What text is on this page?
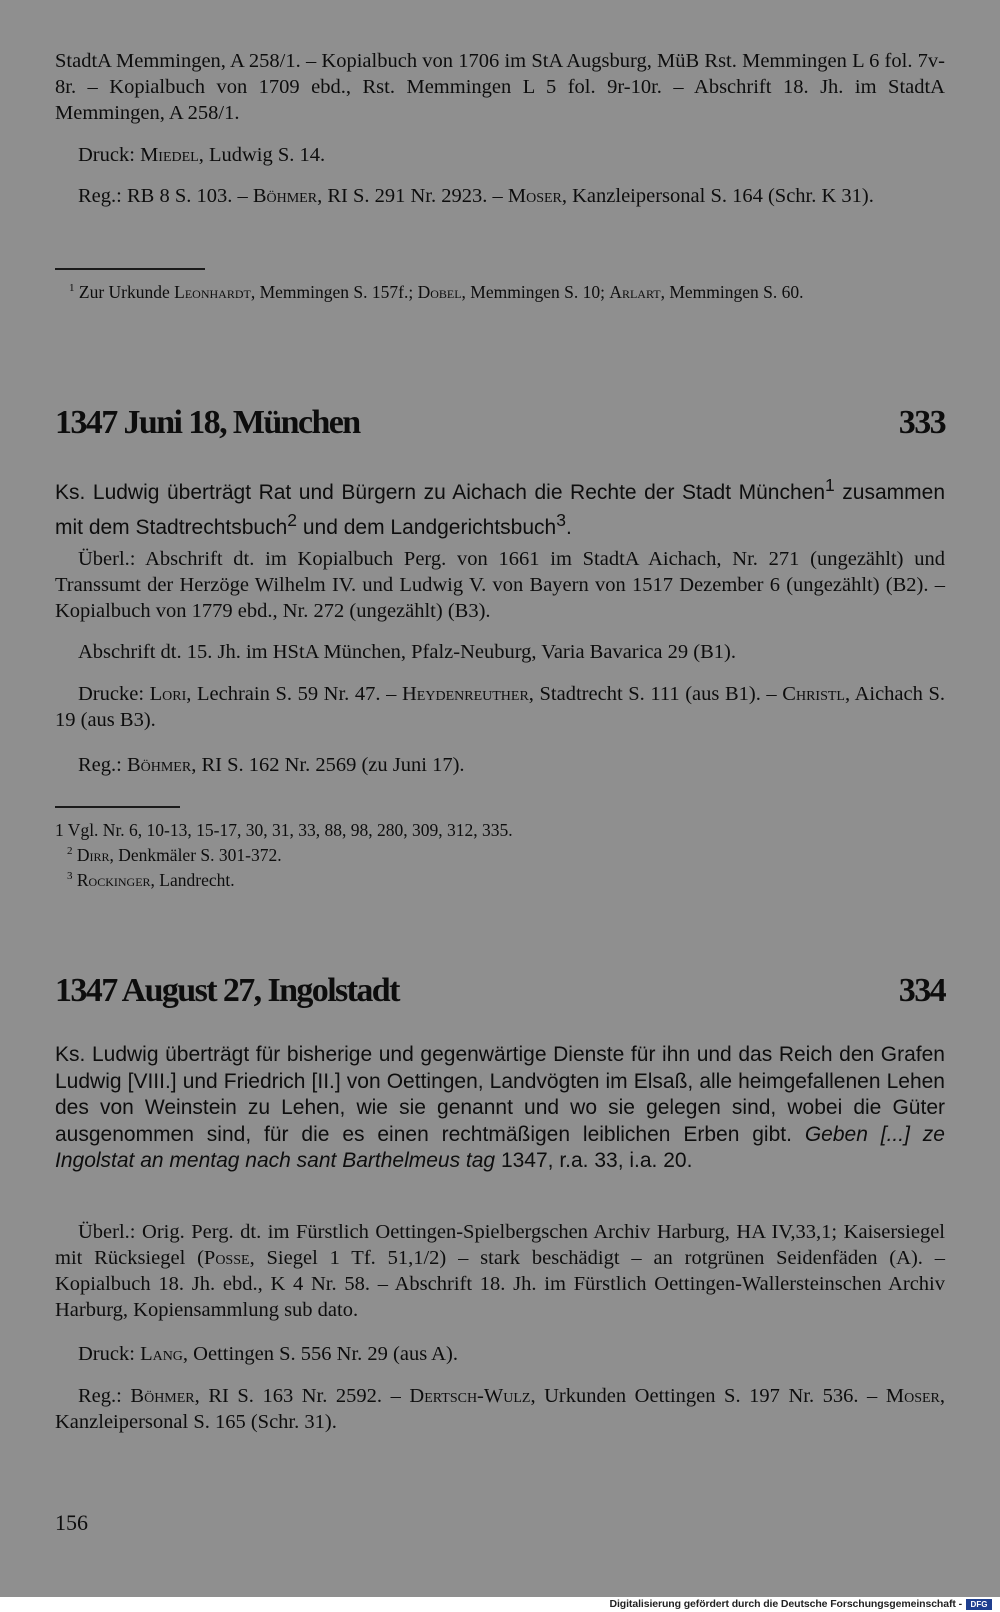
StadtA Memmingen, A 258/1. – Kopialbuch von 1706 im StA Augsburg, MüB Rst. Memmingen L 6 fol. 7v-8r. – Kopialbuch von 1709 ebd., Rst. Memmingen L 5 fol. 9r-10r. – Abschrift 18. Jh. im StadtA Memmingen, A 258/1.

Druck: Miedel, Ludwig S. 14.

Reg.: RB 8 S. 103. – Böhmer, RI S. 291 Nr. 2923. – Moser, Kanzleipersonal S. 164 (Schr. K 31).

$^1$ Zur Urkunde Leonhardt, Memmingen S. 157f.; Dobel, Memmingen S. 10; Arlart, Memmingen S. 60.

1347 Juni 18, München	333

Ks. Ludwig überträgt Rat und Bürgern zu Aichach die Rechte der Stadt München$^1$ zusammen mit dem Stadtrechtsbuch$^2$ und dem Landgerichtsbuch$^3$.

Überl.: Abschrift dt. im Kopialbuch Perg. von 1661 im StadtA Aichach, Nr. 271 (ungezählt) und Transsumt der Herzöge Wilhelm IV. und Ludwig V. von Bayern von 1517 Dezember 6 (ungezählt) (B2). – Kopialbuch von 1779 ebd., Nr. 272 (ungezählt) (B3).

Abschrift dt. 15. Jh. im HStA München, Pfalz-Neuburg, Varia Bavarica 29 (B1).

Drucke: Lori, Lechrain S. 59 Nr. 47. – Heydenreuther, Stadtrecht S. 111 (aus B1). – Christl, Aichach S. 19 (aus B3).

Reg.: Böhmer, RI S. 162 Nr. 2569 (zu Juni 17).

1 Vgl. Nr. 6, 10-13, 15-17, 30, 31, 33, 88, 98, 280, 309, 312, 335.

$^2$ Dirr, Denkmäler S. 301-372.

$^3$ Rockinger, Landrecht.

1347 August 27, Ingolstadt	334

Ks. Ludwig überträgt für bisherige und gegenwärtige Dienste für ihn und das Reich den Grafen Ludwig [VIII.] und Friedrich [II.] von Oettingen, Landvögten im Elsaß, alle heimgefallenen Lehen des von Weinstein zu Lehen, wie sie genannt und wo sie gelegen sind, wobei die Güter ausgenommen sind, für die es einen rechtmäßigen leiblichen Erben gibt. Geben [...] ze Ingolstat an mentag nach sant Barthelmeus tag 1347, r.a. 33, i.a. 20.

Überl.: Orig. Perg. dt. im Fürstlich Oettingen-Spielbergschen Archiv Harburg, HA IV,33,1; Kaisersiegel mit Rücksiegel (Posse, Siegel 1 Tf. 51,1/2) – stark beschädigt – an rotgrünen Seidenfäden (A). – Kopialbuch 18. Jh. ebd., K 4 Nr. 58. – Abschrift 18. Jh. im Fürstlich Oettingen-Wallersteinschen Archiv Harburg, Kopiensammlung sub dato.

Druck: Lang, Oettingen S. 556 Nr. 29 (aus A).

Reg.: Böhmer, RI S. 163 Nr. 2592. – Dertsch-Wulz, Urkunden Oettingen S. 197 Nr. 536. – Moser, Kanzleipersonal S. 165 (Schr. 31).

156
Digitalisierung gefördert durch die Deutsche Forschungsgemeinschaft -	DFG
